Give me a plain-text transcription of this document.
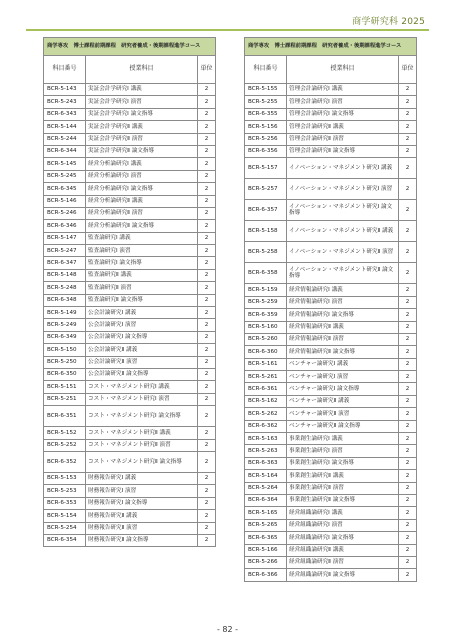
商学研究科 2025
商学専攻　博士課程前期課程　研究者養成・後期課程進学コース		
科目番号	授業科目	単位
BCR-5-143	実証会計学研究Ⅰ 講義	2
BCR-5-243	実証会計学研究Ⅰ 演習	2
BCR-6-343	実証会計学研究Ⅰ 論文指導	2
BCR-5-144	実証会計学研究Ⅱ 講義	2
BCR-5-244	実証会計学研究Ⅱ 演習	2
BCR-6-344	実証会計学研究Ⅱ 論文指導	2
BCR-5-145	経営分析論研究Ⅰ 講義	2
BCR-5-245	経営分析論研究Ⅰ 演習	2
BCR-6-345	経営分析論研究Ⅰ 論文指導	2
BCR-5-146	経営分析論研究Ⅱ 講義	2
BCR-5-246	経営分析論研究Ⅱ 演習	2
BCR-6-346	経営分析論研究Ⅱ 論文指導	2
BCR-5-147	監査論研究Ⅰ 講義	2
BCR-5-247	監査論研究Ⅰ 演習	2
BCR-6-347	監査論研究Ⅰ 論文指導	2
BCR-5-148	監査論研究Ⅱ 講義	2
BCR-5-248	監査論研究Ⅱ 演習	2
BCR-6-348	監査論研究Ⅱ 論文指導	2
BCR-5-149	公会計論研究Ⅰ 講義	2
BCR-5-249	公会計論研究Ⅰ 演習	2
BCR-6-349	公会計論研究Ⅰ 論文指導	2
BCR-5-150	公会計論研究Ⅱ 講義	2
BCR-5-250	公会計論研究Ⅱ 演習	2
BCR-6-350	公会計論研究Ⅱ 論文指導	2
BCR-5-151	コスト・マネジメント研究Ⅰ 講義	2
BCR-5-251	コスト・マネジメント研究Ⅰ 演習	2
BCR-6-351	コスト・マネジメント研究Ⅰ 論文指導	2
BCR-5-152	コスト・マネジメント研究Ⅱ 講義	2
BCR-5-252	コスト・マネジメント研究Ⅱ 演習	2
BCR-6-352	コスト・マネジメント研究Ⅱ 論文指導	2
BCR-5-153	財務報告研究Ⅰ 講義	2
BCR-5-253	財務報告研究Ⅰ 演習	2
BCR-6-353	財務報告研究Ⅰ 論文指導	2
BCR-5-154	財務報告研究Ⅱ 講義	2
BCR-5-254	財務報告研究Ⅱ 演習	2
BCR-6-354	財務報告研究Ⅱ 論文指導	2
商学専攻　博士課程前期課程　研究者養成・後期課程進学コース		
科目番号	授業科目	単位
BCR-5-155	管理会計論研究Ⅰ 講義	2
BCR-5-255	管理会計論研究Ⅰ 演習	2
BCR-6-355	管理会計論研究Ⅰ 論文指導	2
BCR-5-156	管理会計論研究Ⅱ 講義	2
BCR-5-256	管理会計論研究Ⅱ 演習	2
BCR-6-356	管理会計論研究Ⅱ 論文指導	2
BCR-5-157	イノベーション・マネジメント研究Ⅰ 講義	2
BCR-5-257	イノベーション・マネジメント研究Ⅰ 演習	2
BCR-6-357	イノベーション・マネジメント研究Ⅰ 論文指導	2
BCR-5-158	イノベーション・マネジメント研究Ⅱ 講義	2
BCR-5-258	イノベーション・マネジメント研究Ⅱ 演習	2
BCR-6-358	イノベーション・マネジメント研究Ⅱ 論文指導	2
BCR-5-159	経営情報論研究Ⅰ 講義	2
BCR-5-259	経営情報論研究Ⅰ 演習	2
BCR-6-359	経営情報論研究Ⅰ 論文指導	2
BCR-5-160	経営情報論研究Ⅱ 講義	2
BCR-5-260	経営情報論研究Ⅱ 演習	2
BCR-6-360	経営情報論研究Ⅱ 論文指導	2
BCR-5-161	ベンチャー論研究Ⅰ 講義	2
BCR-5-261	ベンチャー論研究Ⅰ 演習	2
BCR-6-361	ベンチャー論研究Ⅰ 論文指導	2
BCR-5-162	ベンチャー論研究Ⅱ 講義	2
BCR-5-262	ベンチャー論研究Ⅱ 演習	2
BCR-6-362	ベンチャー論研究Ⅱ 論文指導	2
BCR-5-163	事業創生論研究Ⅰ 講義	2
BCR-5-263	事業創生論研究Ⅰ 演習	2
BCR-6-363	事業創生論研究Ⅰ 論文指導	2
BCR-5-164	事業創生論研究Ⅱ 講義	2
BCR-5-264	事業創生論研究Ⅱ 演習	2
BCR-6-364	事業創生論研究Ⅱ 論文指導	2
BCR-5-165	経営組織論研究Ⅰ 講義	2
BCR-5-265	経営組織論研究Ⅰ 演習	2
BCR-6-365	経営組織論研究Ⅰ 論文指導	2
BCR-5-166	経営組織論研究Ⅱ 講義	2
BCR-5-266	経営組織論研究Ⅱ 演習	2
BCR-6-366	経営組織論研究Ⅱ 論文指導	2
- 82 -
